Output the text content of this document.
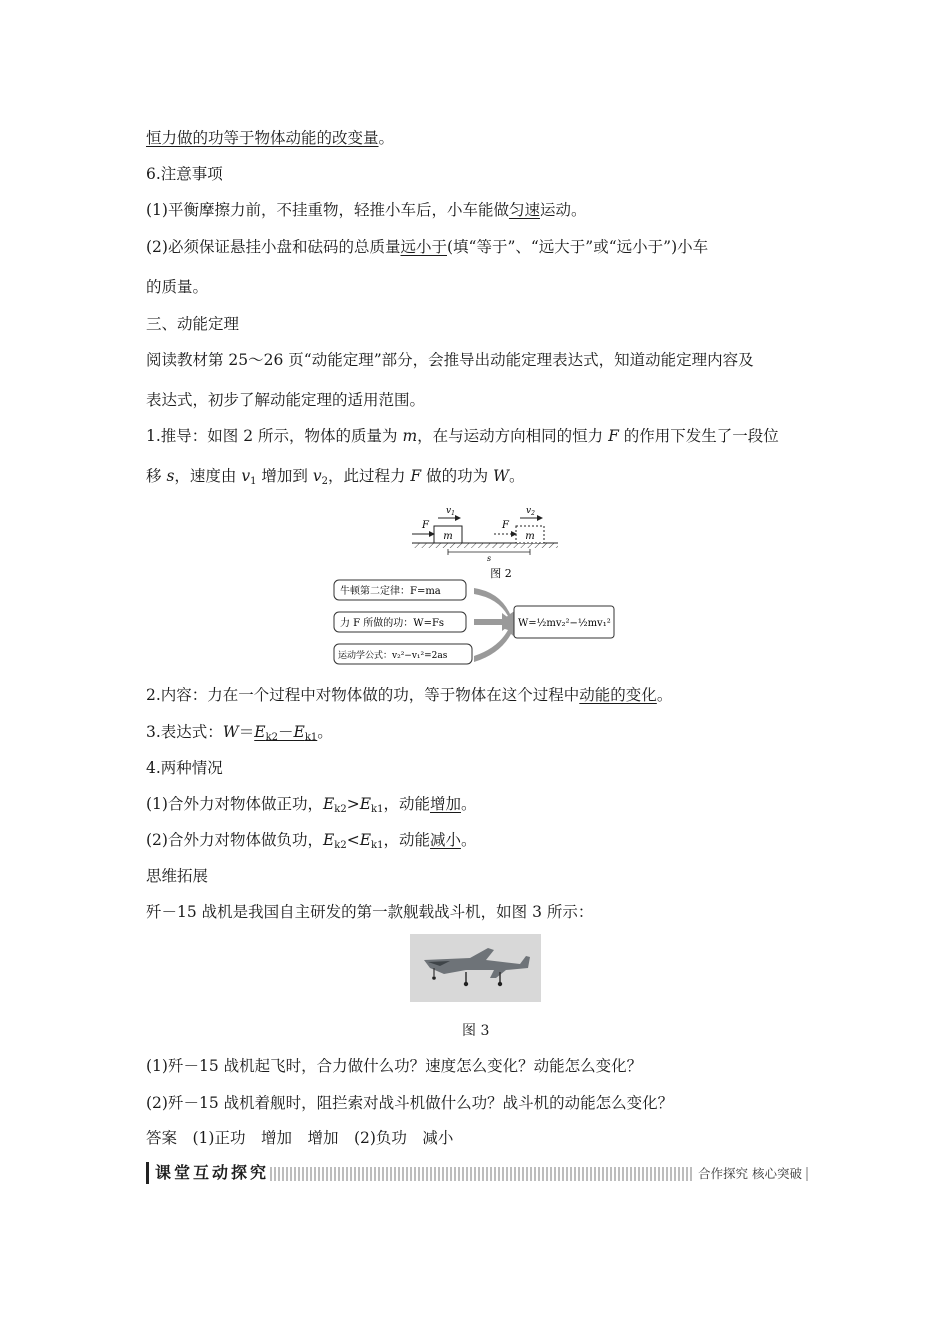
恒力做的功等于物体动能的改变量。
6.注意事项
(1)平衡摩擦力前，不挂重物，轻推小车后，小车能做匀速运动。
(2)必须保证悬挂小盘和砝码的总质量远小于(填“等于”、“远大于”或“远小于”)小车
的质量。
三、动能定理
阅读教材第 25～26 页“动能定理”部分，会推导出动能定理表达式，知道动能定理内容及
表达式，初步了解动能定理的适用范围。
1.推导：如图 2 所示，物体的质量为 m，在与运动方向相同的恒力 F 的作用下发生了一段位
移 s，速度由 $v_1$ 增加到 $v_2$，此过程力 F 做的功为 W。
m
F
$v_1$
m
F
$v_2$
s
图 2
牛顿第二定律：F=ma
力 F 所做的功：W=Fs
运动学公式：v₂²−v₁²=2as
W=½mv₂²−½mv₁²
2.内容：力在一个过程中对物体做的功，等于物体在这个过程中动能的变化。
3.表达式：$W=E_{k2}-E_{k1}$。
4.两种情况
(1)合外力对物体做正功，$E_{k2}>E_{k1}$，动能增加。
(2)合外力对物体做负功，$E_{k2}<E_{k1}$，动能减小。
思维拓展
歼－15 战机是我国自主研发的第一款舰载战斗机，如图 3 所示：
图 3
(1)歼－15 战机起飞时，合力做什么功？速度怎么变化？动能怎么变化？
(2)歼－15 战机着舰时，阻拦索对战斗机做什么功？战斗机的动能怎么变化？
答案　(1)正功　增加　增加　(2)负功　减小
课堂互动探究	合作探究 核心突破
